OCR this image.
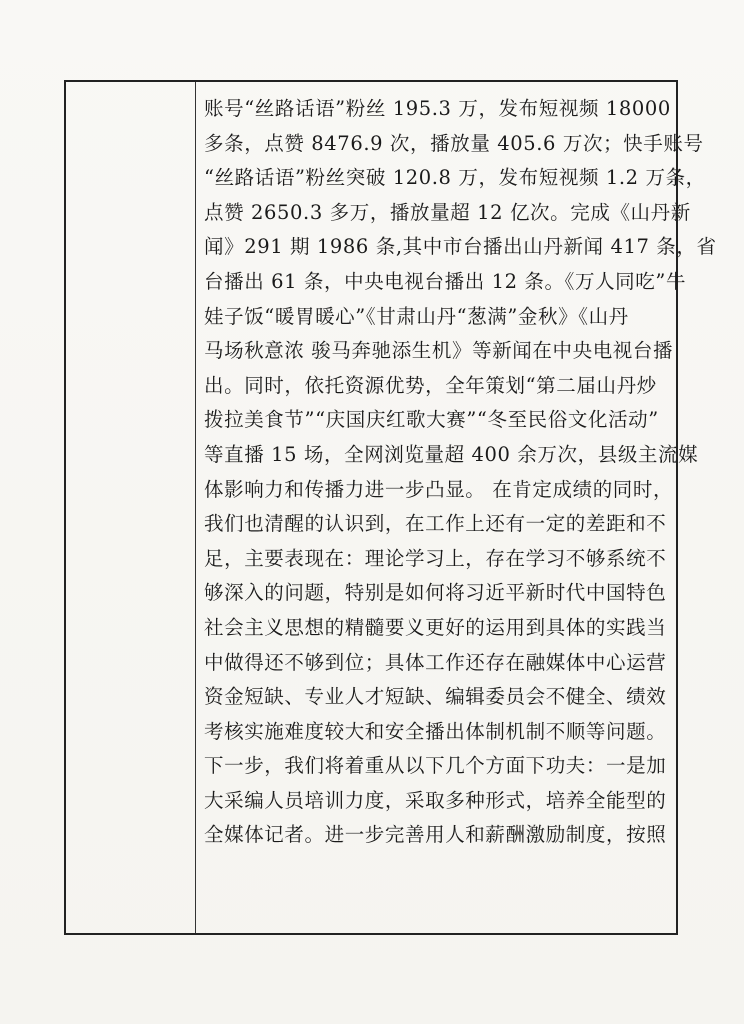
账号“丝路话语”粉丝 195.3 万，发布短视频 18000
多条，点赞 8476.9 次，播放量 405.6 万次；快手账号
“丝路话语”粉丝突破 120.8 万，发布短视频 1.2 万条，
点赞 2650.3 多万，播放量超 12 亿次。完成《山丹新
闻》291 期 1986 条,其中市台播出山丹新闻 417 条，省
台播出 61 条，中央电视台播出 12 条。《万人同吃”牛
娃子饭“暖胃暖心”《甘肃山丹“葱满”金秋》《山丹
马场秋意浓 骏马奔驰添生机》等新闻在中央电视台播
出。同时，依托资源优势，全年策划“第二届山丹炒
拨拉美食节”“庆国庆红歌大赛”“冬至民俗文化活动”
等直播 15 场，全网浏览量超 400 余万次，县级主流媒
体影响力和传播力进一步凸显。 在肯定成绩的同时，
我们也清醒的认识到，在工作上还有一定的差距和不
足，主要表现在：理论学习上，存在学习不够系统不
够深入的问题，特别是如何将习近平新时代中国特色
社会主义思想的精髓要义更好的运用到具体的实践当
中做得还不够到位；具体工作还存在融媒体中心运营
资金短缺、专业人才短缺、编辑委员会不健全、绩效
考核实施难度较大和安全播出体制机制不顺等问题。
下一步，我们将着重从以下几个方面下功夫：一是加
大采编人员培训力度，采取多种形式，培养全能型的
全媒体记者。进一步完善用人和薪酬激励制度，按照
